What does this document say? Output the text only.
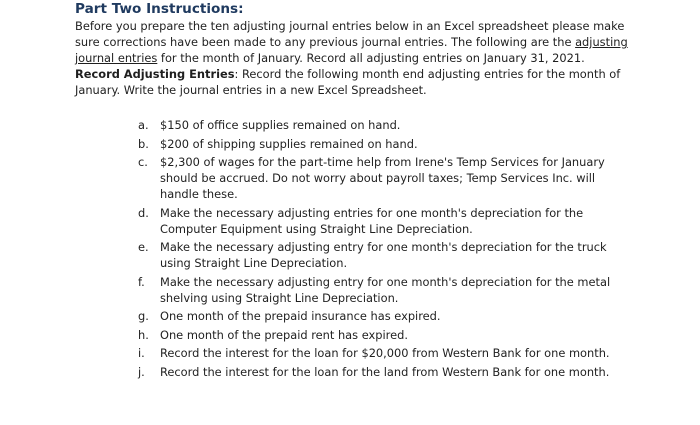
Part Two Instructions:

Before you prepare the ten adjusting journal entries below in an Excel spreadsheet please make sure corrections have been made to any previous journal entries. The following are the adjusting journal entries for the month of January. Record all adjusting entries on January 31, 2021.

Record Adjusting Entries: Record the following month end adjusting entries for the month of January. Write the journal entries in a new Excel Spreadsheet.

a. $150 of office supplies remained on hand.
b. $200 of shipping supplies remained on hand.
c.	$2,300 of wages for the part-time help from Irene's Temp Services for January should be accrued. Do not worry about payroll taxes; Temp Services Inc. will handle these.
d. Make the necessary adjusting entries for one month's depreciation for the Computer Equipment using Straight Line Depreciation.
e. Make the necessary adjusting entry for one month's depreciation for the truck using Straight Line Depreciation.
f.	Make the necessary adjusting entry for one month's depreciation for the metal shelving using Straight Line Depreciation.
g. One month of the prepaid insurance has expired.
h. One month of the prepaid rent has expired.
i.	Record the interest for the loan for $20,000 from Western Bank for one month.
j.	Record the interest for the loan for the land from Western Bank for one month.
